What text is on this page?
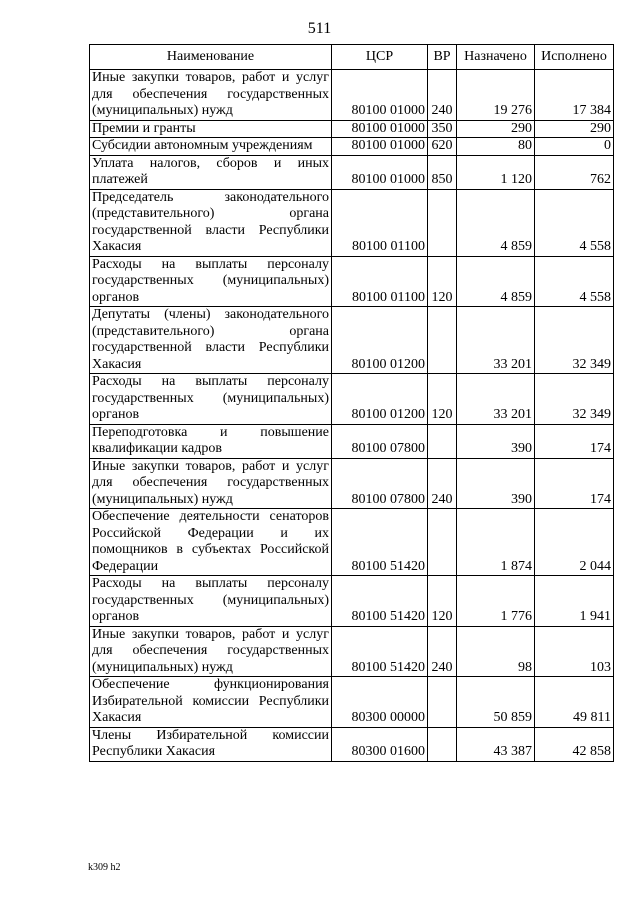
511
Наименование	ЦСР	ВР	Назначено	Исполнено
Иные закупки товаров, работ и услуг для обеспечения государственных (муниципальных) нужд	80100 01000	240	19 276	17 384
Премии и гранты	80100 01000	350	290	290
Субсидии автономным учреждениям	80100 01000	620	80	0
Уплата налогов, сборов и иных платежей	80100 01000	850	1 120	762
Председатель законодательного (представительного) органа государственной власти Республики Хакасия	80100 01100		4 859	4 558
Расходы на выплаты персоналу государственных (муниципальных) органов	80100 01100	120	4 859	4 558
Депутаты (члены) законодательного (представительного) органа государственной власти Республики Хакасия	80100 01200		33 201	32 349
Расходы на выплаты персоналу государственных (муниципальных) органов	80100 01200	120	33 201	32 349
Переподготовка и повышение квалификации кадров	80100 07800		390	174
Иные закупки товаров, работ и услуг для обеспечения государственных (муниципальных) нужд	80100 07800	240	390	174
Обеспечение деятельности сенаторов Российской Федерации и их помощников в субъектах Российской Федерации	80100 51420		1 874	2 044
Расходы на выплаты персоналу государственных (муниципальных) органов	80100 51420	120	1 776	1 941
Иные закупки товаров, работ и услуг для обеспечения государственных (муниципальных) нужд	80100 51420	240	98	103
Обеспечение функционирования Избирательной комиссии Республики Хакасия	80300 00000		50 859	49 811
Члены Избирательной комиссии Республики Хакасия	80300 01600		43 387	42 858
k309 h2
